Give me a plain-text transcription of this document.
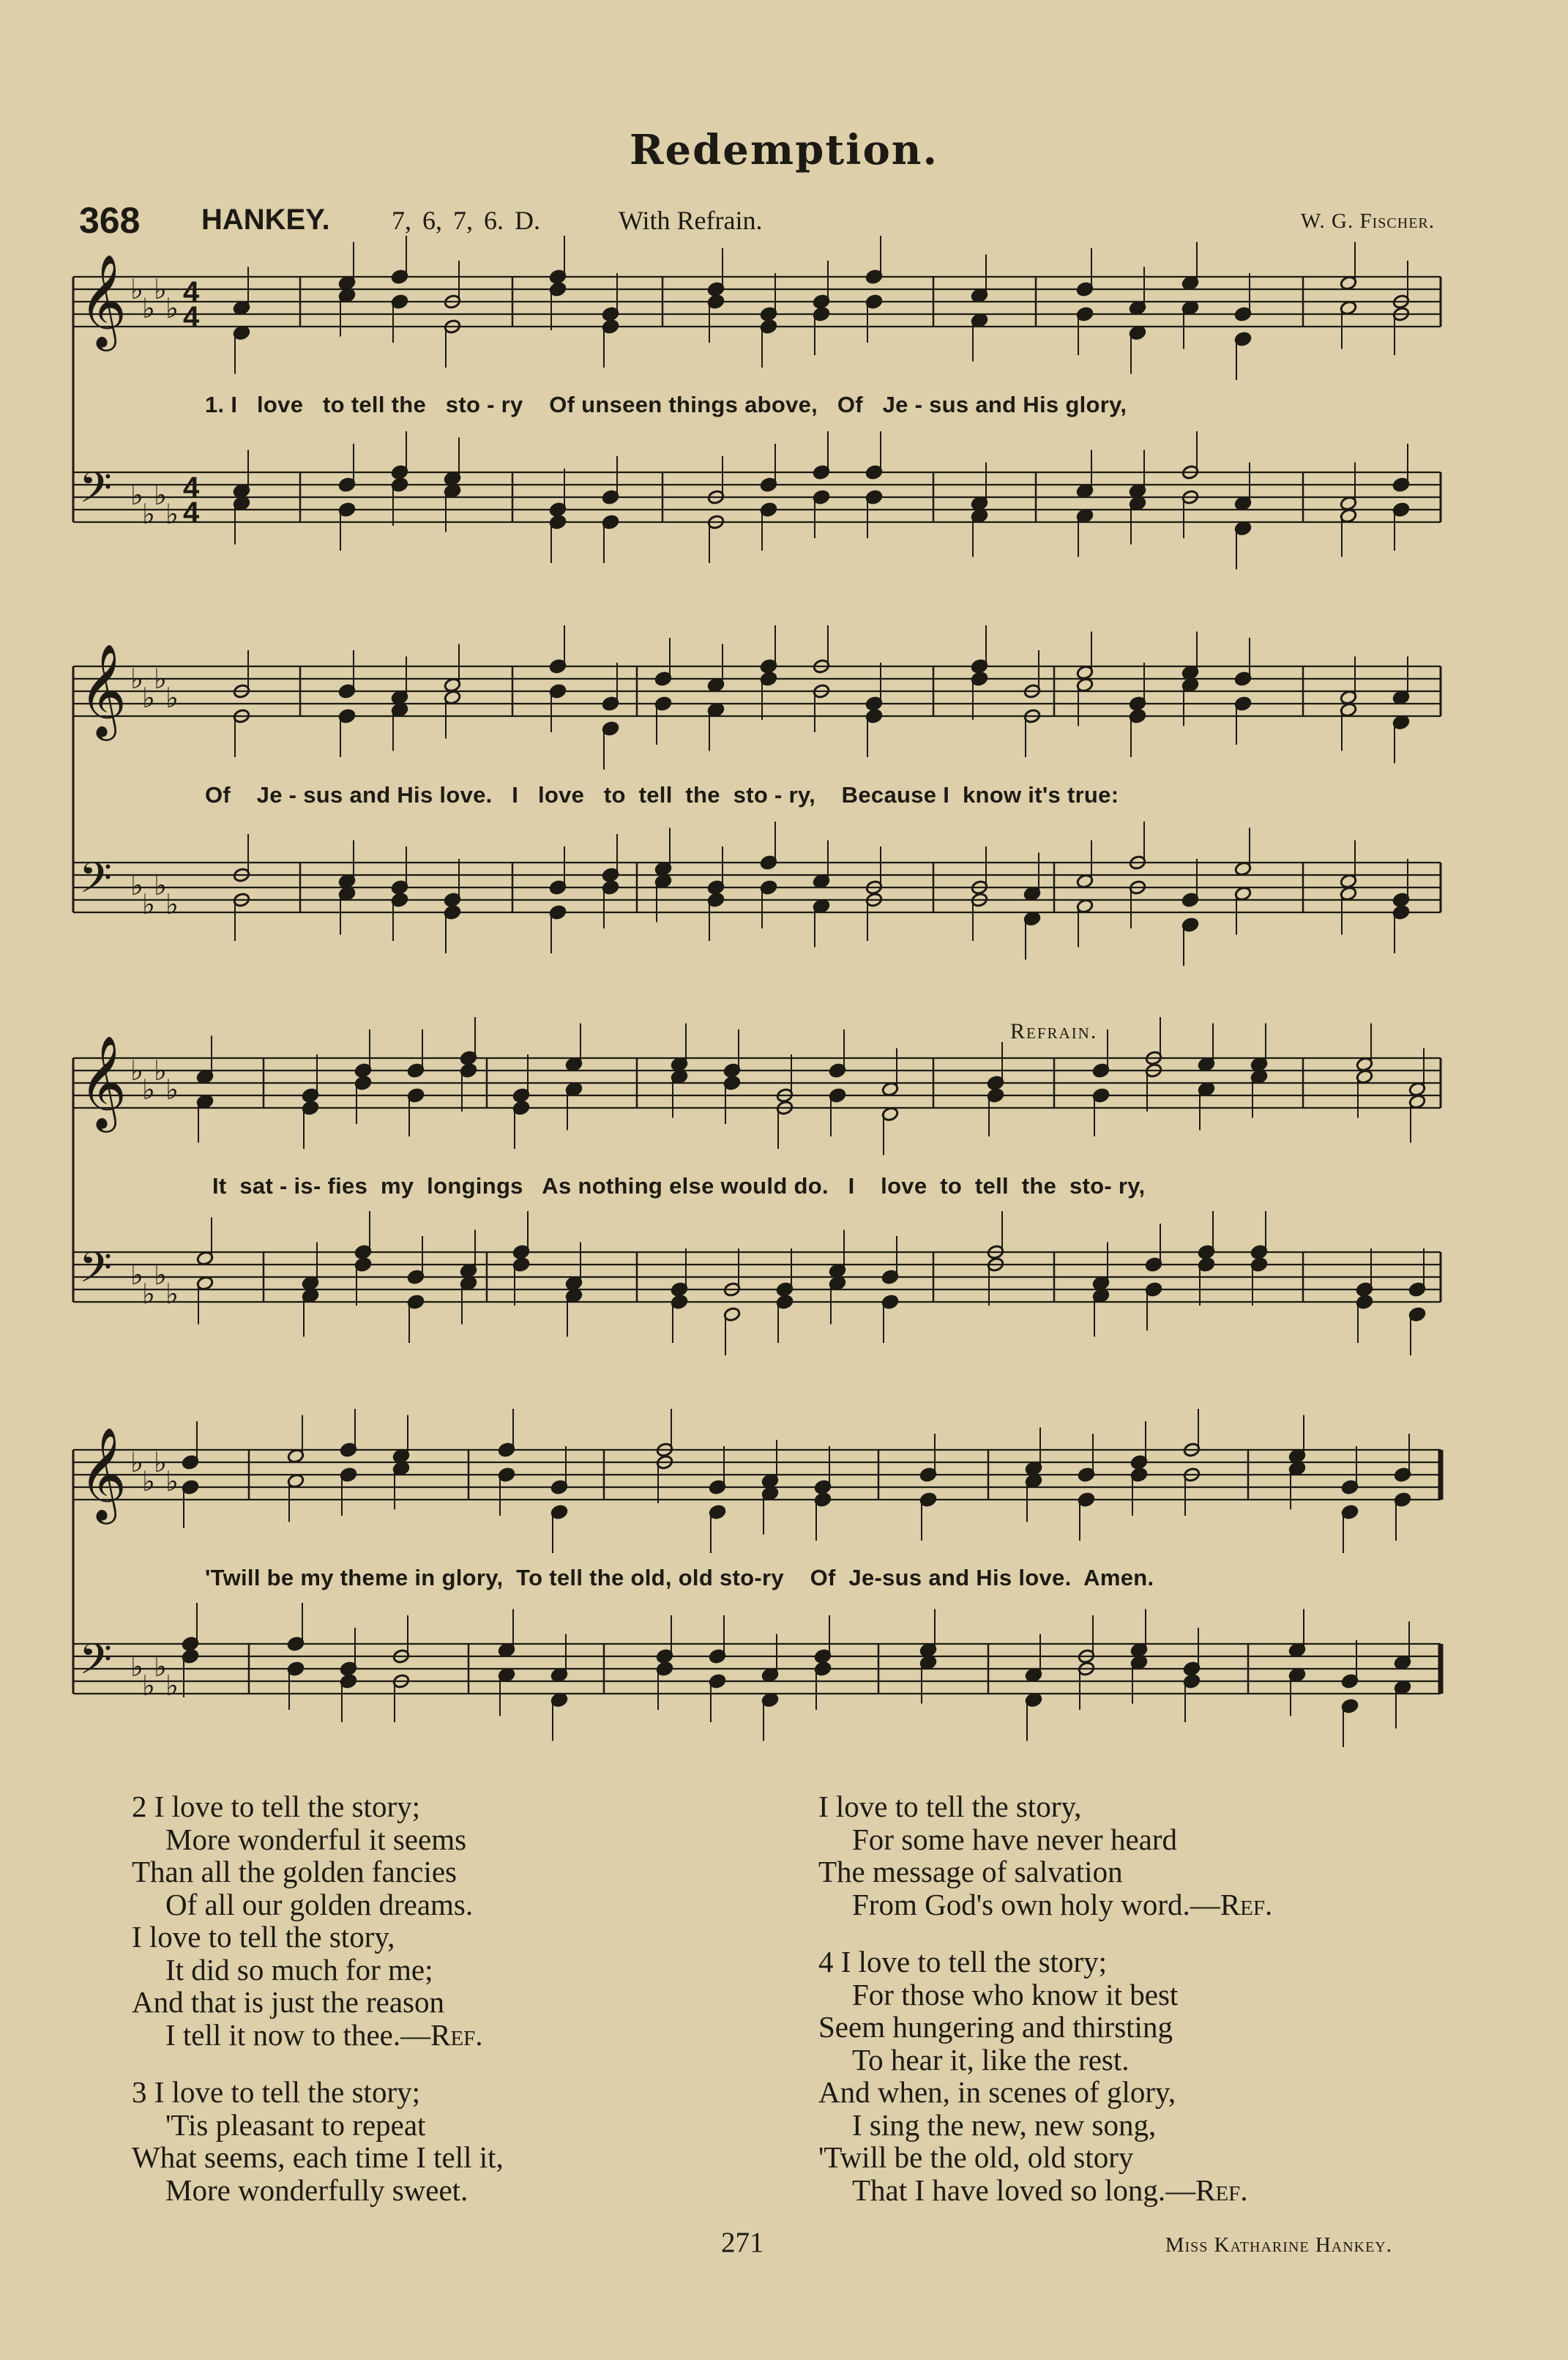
Redemption.
368 HANKEY. 7, 6, 7, 6. D.	With Refrain.	W. G. Fischer.
𝄞 ♭
♭
♭
♭ 4
4
𝄢 ♭
♭
♭
♭
4
4
𝄞 ♭
♭
♭
♭
𝄢 ♭
♭
♭
♭
𝄞 ♭
♭
♭
♭
𝄢 ♭
♭
♭
♭
𝄞 ♭
♭
♭
♭
𝄢 ♭
♭
♭
♭
1. I   love   to tell the   sto - ry    Of unseen things above,   Of   Je - sus and His glory,
Of    Je - sus and His love.   I   love   to  tell  the  sto - ry,    Because I  know it's true:
It  sat - is- fies  my  longings   As nothing else would do.   I    love  to  tell  the  sto- ry,
'Twill be my theme in glory,  To tell the old, old sto-ry    Of  Je-sus and His love.  Amen.
Refrain.
2 I love to tell the story;
More wonderful it seems
Than all the golden fancies
Of all our golden dreams.
I love to tell the story,
It did so much for me;
And that is just the reason
I tell it now to thee.—Ref.
3 I love to tell the story;
'Tis pleasant to repeat
What seems, each time I tell it,
More wonderfully sweet.
I love to tell the story,
For some have never heard
The message of salvation
From God's own holy word.—Ref.
4 I love to tell the story;
For those who know it best
Seem hungering and thirsting
To hear it, like the rest.
And when, in scenes of glory,
I sing the new, new song,
'Twill be the old, old story
That I have loved so long.—Ref.
271	Miss Katharine Hankey.
